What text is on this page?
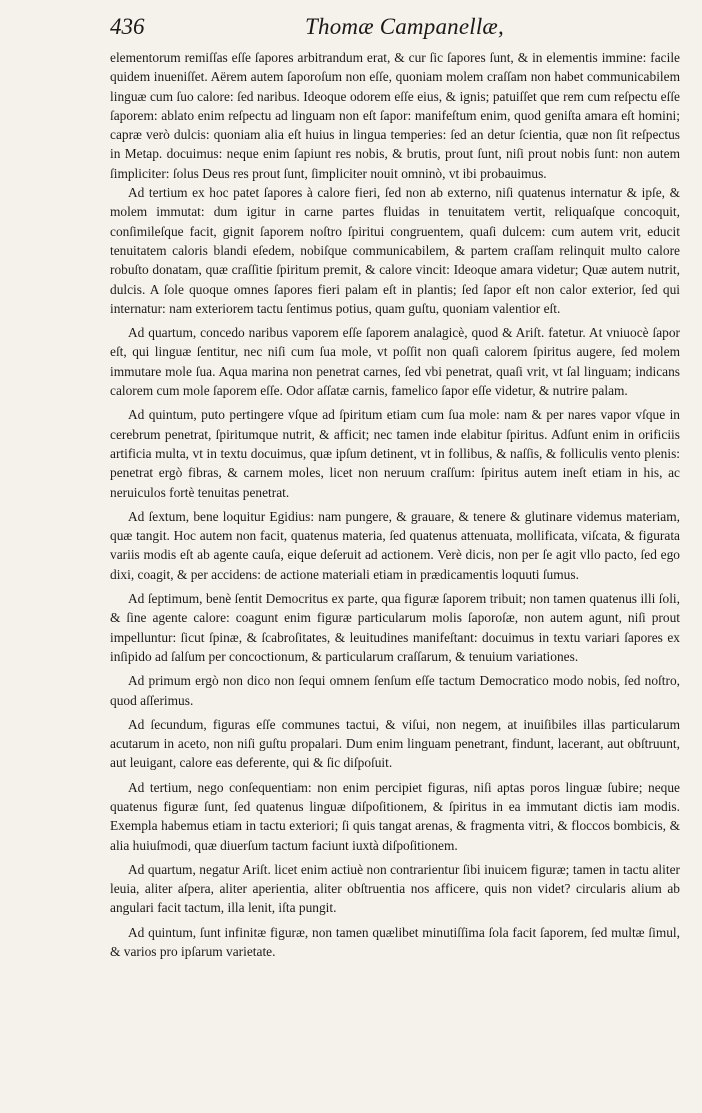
436	Thomæ Campanellæ,

elementorum remiſſas eſſe ſapores arbitrandum erat, & cur ſic ſapores ſunt, & in elementis immine: facile quidem inueniſſet. Aërem autem ſaporoſum non eſſe, quoniam molem craſſam non habet communicabilem linguæ cum ſuo calore: ſed naribus. Ideoque odorem eſſe eius, & ignis; patuiſſet que rem cum reſpectu eſſe ſaporem: ablato enim reſpectu ad linguam non eſt ſapor: manifeſtum enim, quod geniſta amara eſt homini; capræ verò dulcis: quoniam alia eſt huius in lingua temperies: ſed an detur ſcientia, quæ non ſit reſpectus in Metap. docuimus: neque enim ſapiunt res nobis, & brutis, prout ſunt, niſi prout nobis ſunt: non autem ſimpliciter: ſolus Deus res prout ſunt, ſimpliciter nouit omninò, vt ibi probauimus.

Ad tertium ex hoc patet ſapores à calore fieri, ſed non ab externo, niſi quatenus internatur & ipſe, & molem immutat: dum igitur in carne partes fluidas in tenuitatem vertit, reliquaſque concoquit, conſimileſque facit, gignit ſaporem noſtro ſpiritui congruentem, quaſi dulcem: cum autem vrit, educit tenuitatem caloris blandi eſedem, nobiſque communicabilem, & partem craſſam relinquit multo calore robuſto donatam, quæ craſſitie ſpiritum premit, & calore vincit: Ideoque amara videtur; Quæ autem nutrit, dulcis. A ſole quoque omnes ſapores fieri palam eſt in plantis; ſed ſapor eſt non calor exterior, ſed qui internatur: nam exteriorem tactu ſentimus potius, quam guſtu, quoniam valentior eſt.

Ad quartum, concedo naribus vaporem eſſe ſaporem analagicè, quod & Ariſt. fatetur. At vniuocè ſapor eſt, qui linguæ ſentitur, nec niſi cum ſua mole, vt poſſit non quaſi calorem ſpiritus augere, ſed molem immutare mole ſua. Aqua marina non penetrat carnes, ſed vbi penetrat, quaſi vrit, vt ſal linguam; indicans calorem cum mole ſaporem eſſe. Odor aſſatæ carnis, famelico ſapor eſſe videtur, & nutrire palam.

Ad quintum, puto pertingere vſque ad ſpiritum etiam cum ſua mole: nam & per nares vapor vſque in cerebrum penetrat, ſpiritumque nutrit, & afficit; nec tamen inde elabitur ſpiritus. Adſunt enim in orificiis artificia multa, vt in textu docuimus, quæ ipſum detinent, vt in follibus, & naſſis, & folliculis vento plenis: penetrat ergò fibras, & carnem moles, licet non neruum craſſum: ſpiritus autem ineſt etiam in his, ac neruiculos fortè tenuitas penetrat.

Ad ſextum, bene loquitur Egidius: nam pungere, & grauare, & tenere & glutinare videmus materiam, quæ tangit. Hoc autem non facit, quatenus materia, ſed quatenus attenuata, mollificata, viſcata, & figurata variis modis eſt ab agente cauſa, eique deſeruit ad actionem. Verè dicis, non per ſe agit vllo pacto, ſed ego dixi, coagit, & per accidens: de actione materiali etiam in prædicamentis loquuti ſumus.

Ad ſeptimum, benè ſentit Democritus ex parte, qua figuræ ſaporem tribuit; non tamen quatenus illi ſoli, & ſine agente calore: coagunt enim figuræ particularum molis ſaporoſæ, non autem agunt, niſi prout impelluntur: ſicut ſpinæ, & ſcabroſitates, & leuitudines manifeſtant: docuimus in textu variari ſapores ex inſipido ad ſalſum per concoctionum, & particularum craſſarum, & tenuium variationes.

Ad primum ergò non dico non ſequi omnem ſenſum eſſe tactum Democratico modo nobis, ſed noſtro, quod aſſerimus.

Ad ſecundum, figuras eſſe communes tactui, & viſui, non negem, at inuiſibiles illas particularum acutarum in aceto, non niſi guſtu propalari. Dum enim linguam penetrant, findunt, lacerant, aut obſtruunt, aut leuigant, calore eas deferente, qui & ſic diſpoſuit.

Ad tertium, nego conſequentiam: non enim percipiet figuras, niſi aptas poros linguæ ſubire; neque quatenus figuræ ſunt, ſed quatenus linguæ diſpoſitionem, & ſpiritus in ea immutant dictis iam modis. Exempla habemus etiam in tactu exteriori; ſi quis tangat arenas, & fragmenta vitri, & floccos bombicis, & alia huiuſmodi, quæ diuerſum tactum faciunt iuxtà diſpoſitionem.

Ad quartum, negatur Ariſt. licet enim actiuè non contrarientur ſibi inuicem figuræ; tamen in tactu aliter leuia, aliter aſpera, aliter aperientia, aliter obſtruentia nos afficere, quis non videt? circularis alium ab angulari facit tactum, illa lenit, iſta pungit.

Ad quintum, ſunt infinitæ figuræ, non tamen quælibet minutiſſima ſola facit ſaporem, ſed multæ ſimul, & varios pro ipſarum varietate.
